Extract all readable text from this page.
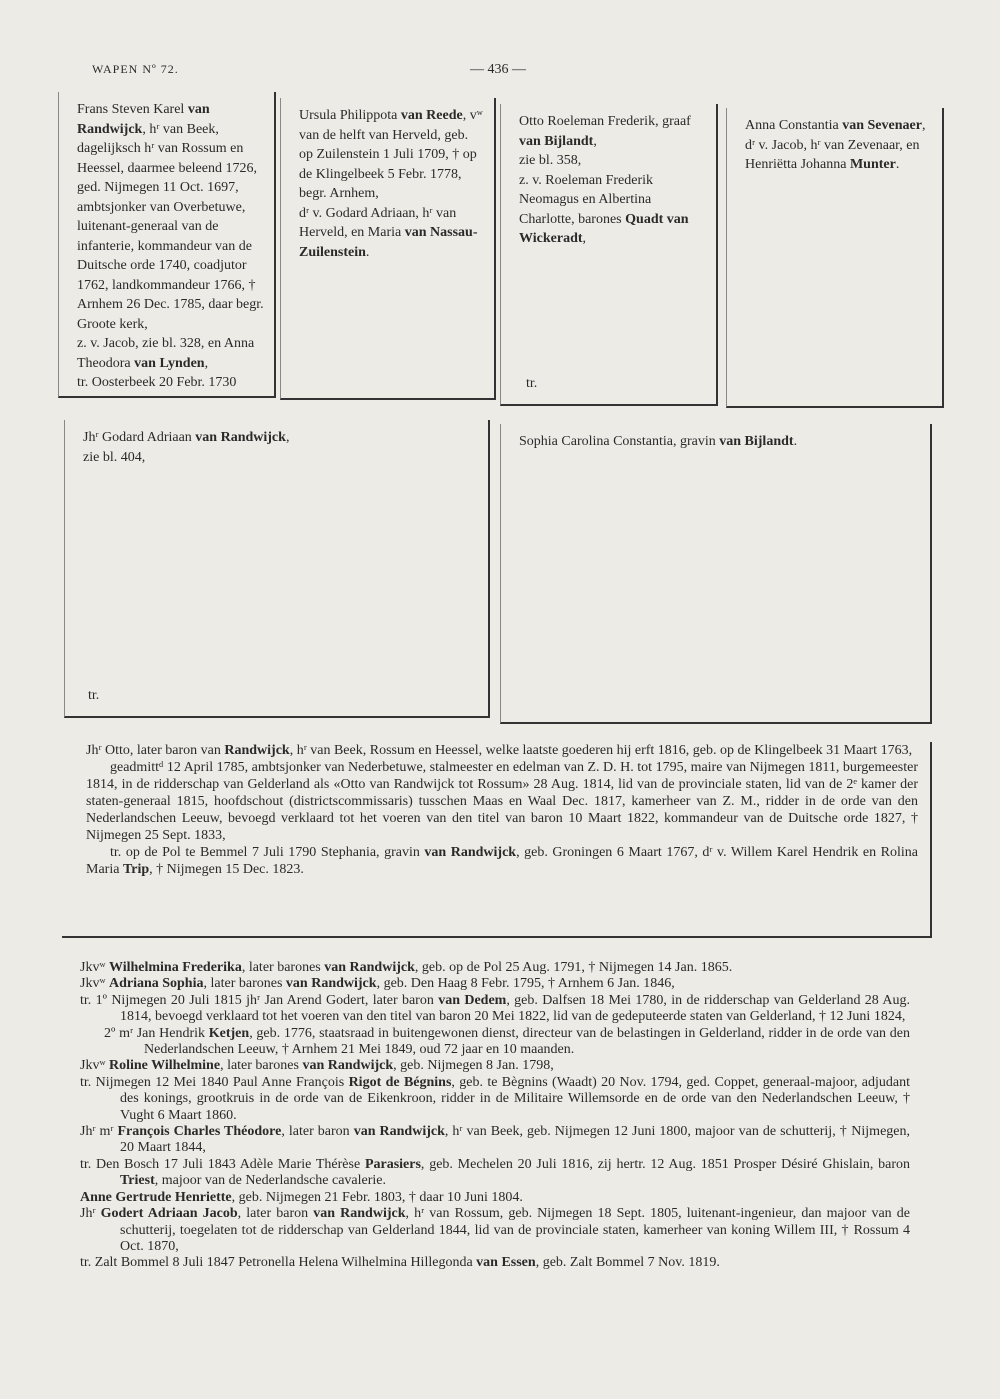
WAPEN Nº 72.	— 436 —

Frans Steven Karel van Randwijck, hʳ van Beek, dagelijksch hʳ van Rossum en Heessel, daarmee beleend 1726, ged. Nijmegen 11 Oct. 1697, ambtsjonker van Overbetuwe, luitenant-generaal van de infanterie, kommandeur van de Duitsche orde 1740, coadjutor 1762, landkommandeur 1766, † Arnhem 26 Dec. 1785, daar begr. Groote kerk,

z. v. Jacob, zie bl. 328, en Anna Theodora van Lynden,

tr. Oosterbeek 20 Febr. 1730

Ursula Philippota van Reede, vʷ van de helft van Herveld, geb. op Zuilenstein 1 Juli 1709, † op de Klingelbeek 5 Febr. 1778, begr. Arnhem,

dʳ v. Godard Adriaan, hʳ van Herveld, en Maria van Nassau-Zuilenstein.

Otto Roeleman Frederik, graaf van Bijlandt,

zie bl. 358,

z. v. Roeleman Frederik Neomagus en Albertina Charlotte, barones Quadt van Wickeradt,

tr.

Anna Constantia van Sevenaer,

dʳ v. Jacob, hʳ van Zevenaar, en Henriëtta Johanna Munter.

Jhʳ Godard Adriaan van Randwijck,

zie bl. 404,

tr.

Sophia Carolina Constantia, gravin van Bijlandt.

Jhʳ Otto, later baron van Randwijck, hʳ van Beek, Rossum en Heessel, welke laatste goederen hij erft 1816, geb. op de Klingelbeek 31 Maart 1763,

geadmittᵈ 12 April 1785, ambtsjonker van Nederbetuwe, stalmeester en edelman van Z. D. H. tot 1795, maire van Nijmegen 1811, burgemeester 1814, in de ridderschap van Gelderland als «Otto van Randwijck tot Rossum» 28 Aug. 1814, lid van de provinciale staten, lid van de 2ᵉ kamer der staten-generaal 1815, hoofdschout (districtscommissaris) tusschen Maas en Waal Dec. 1817, kamerheer van Z. M., ridder in de orde van den Nederlandschen Leeuw, bevoegd verklaard tot het voeren van den titel van baron 10 Maart 1822, kommandeur van de Duitsche orde 1827, † Nijmegen 25 Sept. 1833,

tr. op de Pol te Bemmel 7 Juli 1790 Stephania, gravin van Randwijck, geb. Groningen 6 Maart 1767, dʳ v. Willem Karel Hendrik en Rolina Maria Trip, † Nijmegen 15 Dec. 1823.

Jkvʷ Wilhelmina Frederika, later barones van Randwijck, geb. op de Pol 25 Aug. 1791, † Nijmegen 14 Jan. 1865.

Jkvʷ Adriana Sophia, later barones van Randwijck, geb. Den Haag 8 Febr. 1795, † Arnhem 6 Jan. 1846,

tr. 1º Nijmegen 20 Juli 1815 jhʳ Jan Arend Godert, later baron van Dedem, geb. Dalfsen 18 Mei 1780, in de ridderschap van Gelderland 28 Aug. 1814, bevoegd verklaard tot het voeren van den titel van baron 20 Mei 1822, lid van de gedeputeerde staten van Gelderland, † 12 Juni 1824,

2º mʳ Jan Hendrik Ketjen, geb. 1776, staatsraad in buitengewonen dienst, directeur van de belastingen in Gelderland, ridder in de orde van den Nederlandschen Leeuw, † Arnhem 21 Mei 1849, oud 72 jaar en 10 maanden.

Jkvʷ Roline Wilhelmine, later barones van Randwijck, geb. Nijmegen 8 Jan. 1798,

tr. Nijmegen 12 Mei 1840 Paul Anne François Rigot de Bégnins, geb. te Bègnins (Waadt) 20 Nov. 1794, ged. Coppet, generaal-majoor, adjudant des konings, grootkruis in de orde van de Eikenkroon, ridder in de Militaire Willemsorde en de orde van den Nederlandschen Leeuw, † Vught 6 Maart 1860.

Jhʳ mʳ François Charles Théodore, later baron van Randwijck, hʳ van Beek, geb. Nijmegen 12 Juni 1800, majoor van de schutterij, † Nijmegen, 20 Maart 1844,

tr. Den Bosch 17 Juli 1843 Adèle Marie Thérèse Parasiers, geb. Mechelen 20 Juli 1816, zij hertr. 12 Aug. 1851 Prosper Désiré Ghislain, baron Triest, majoor van de Nederlandsche cavalerie.

Anne Gertrude Henriette, geb. Nijmegen 21 Febr. 1803, † daar 10 Juni 1804.

Jhʳ Godert Adriaan Jacob, later baron van Randwijck, hʳ van Rossum, geb. Nijmegen 18 Sept. 1805, luitenant-ingenieur, dan majoor van de schutterij, toegelaten tot de ridderschap van Gelderland 1844, lid van de provinciale staten, kamerheer van koning Willem III, † Rossum 4 Oct. 1870,

tr. Zalt Bommel 8 Juli 1847 Petronella Helena Wilhelmina Hillegonda van Essen, geb. Zalt Bommel 7 Nov. 1819.
